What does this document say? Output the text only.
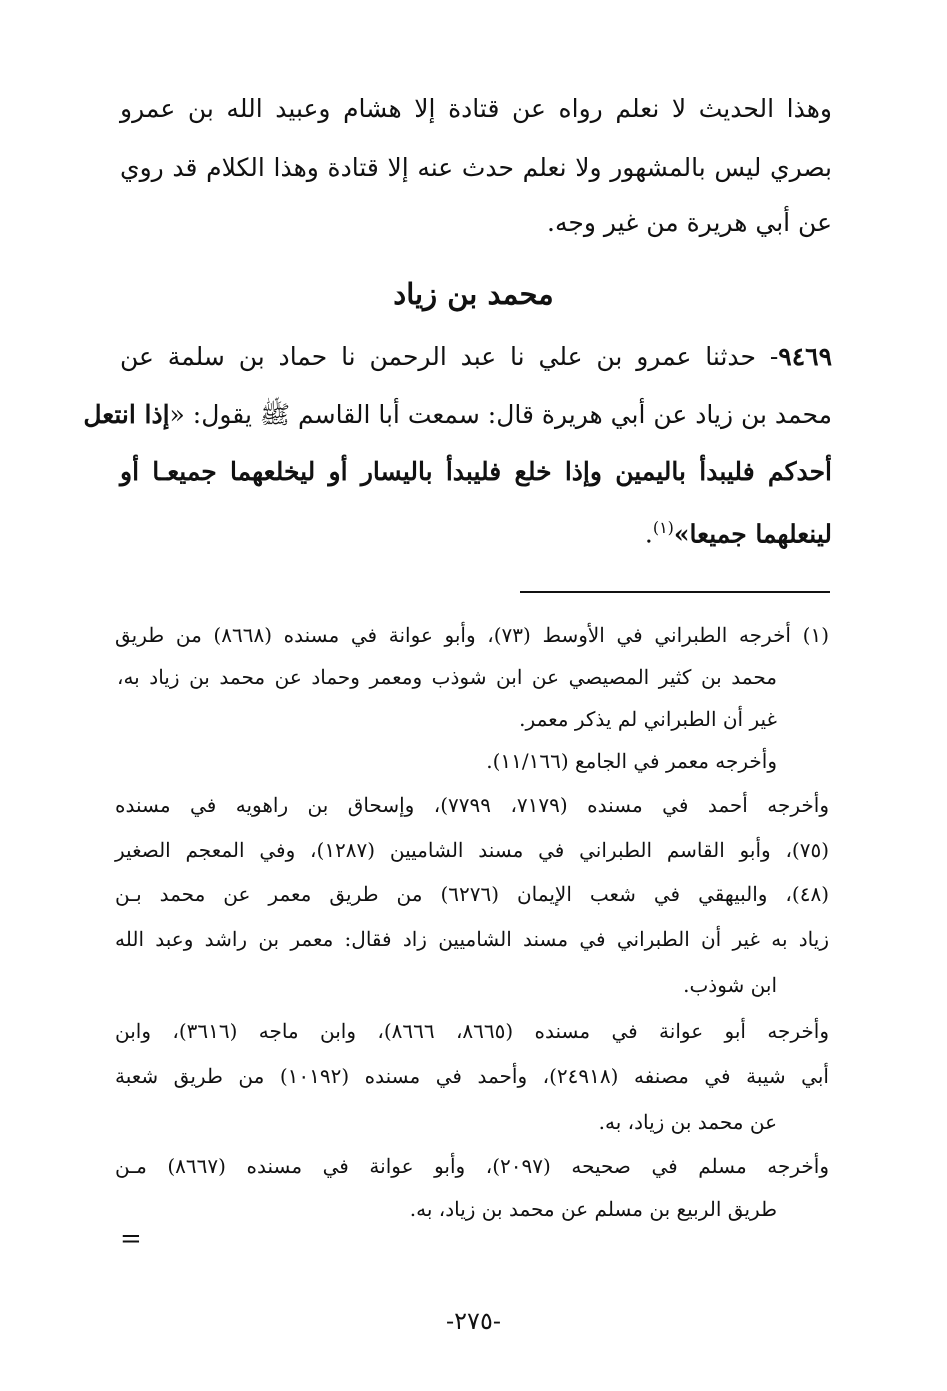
وهذا الحديث لا نعلم رواه عن قتادة إلا هشام وعبيد الله بن عمرو
بصري ليس بالمشهور ولا نعلم حدث عنه إلا قتادة وهذا الكلام قد روي
عن أبي هريرة من غير وجه.
محمد بن زياد
٩٤٦٩- حدثنا عمرو بن علي نا عبد الرحمن نا حماد بن سلمة عن
محمد بن زياد عن أبي هريرة قال: سمعت أبا القاسم ﷺ يقول: «إذا انتعل
أحدكم فليبدأ باليمين وإذا خلع فليبدأ باليسار أو ليخلعهما جميعـا أو
لينعلهما جميعا»$^{(١)}$.
(١) أخرجه الطبراني في الأوسط (٧٣)، وأبو عوانة في مسنده (٨٦٦٨) من طريق
محمد بن كثير المصيصي عن ابن شوذب ومعمر وحماد عن محمد بن زياد به،
غير أن الطبراني لم يذكر معمر.
وأخرجه معمر في الجامع (١١/١٦٦).
وأخرجه أحمد في مسنده (٧١٧٩، ٧٧٩٩)، وإسحاق بن راهويه في مسنده
(٧٥)، وأبو القاسم الطبراني في مسند الشاميين (١٢٨٧)، وفي المعجم الصغير
(٤٨)، والبيهقي في شعب الإيمان (٦٢٧٦) من طريق معمر عن محمد بـن
زياد به غير أن الطبراني في مسند الشاميين زاد فقال: معمر بن راشد وعبد الله
ابن شوذب.
وأخرجه أبو عوانة في مسنده (٨٦٦٥، ٨٦٦٦)، وابن ماجه (٣٦١٦)، وابن
أبي شيبة في مصنفه (٢٤٩١٨)، وأحمد في مسنده (١٠١٩٢) من طريق شعبة
عن محمد بن زياد، به.
وأخرجه مسلم في صحيحه (٢٠٩٧)، وأبو عوانة في مسنده (٨٦٦٧) مـن
طريق الربيع بن مسلم عن محمد بن زياد، به.
=
-٢٧٥-
